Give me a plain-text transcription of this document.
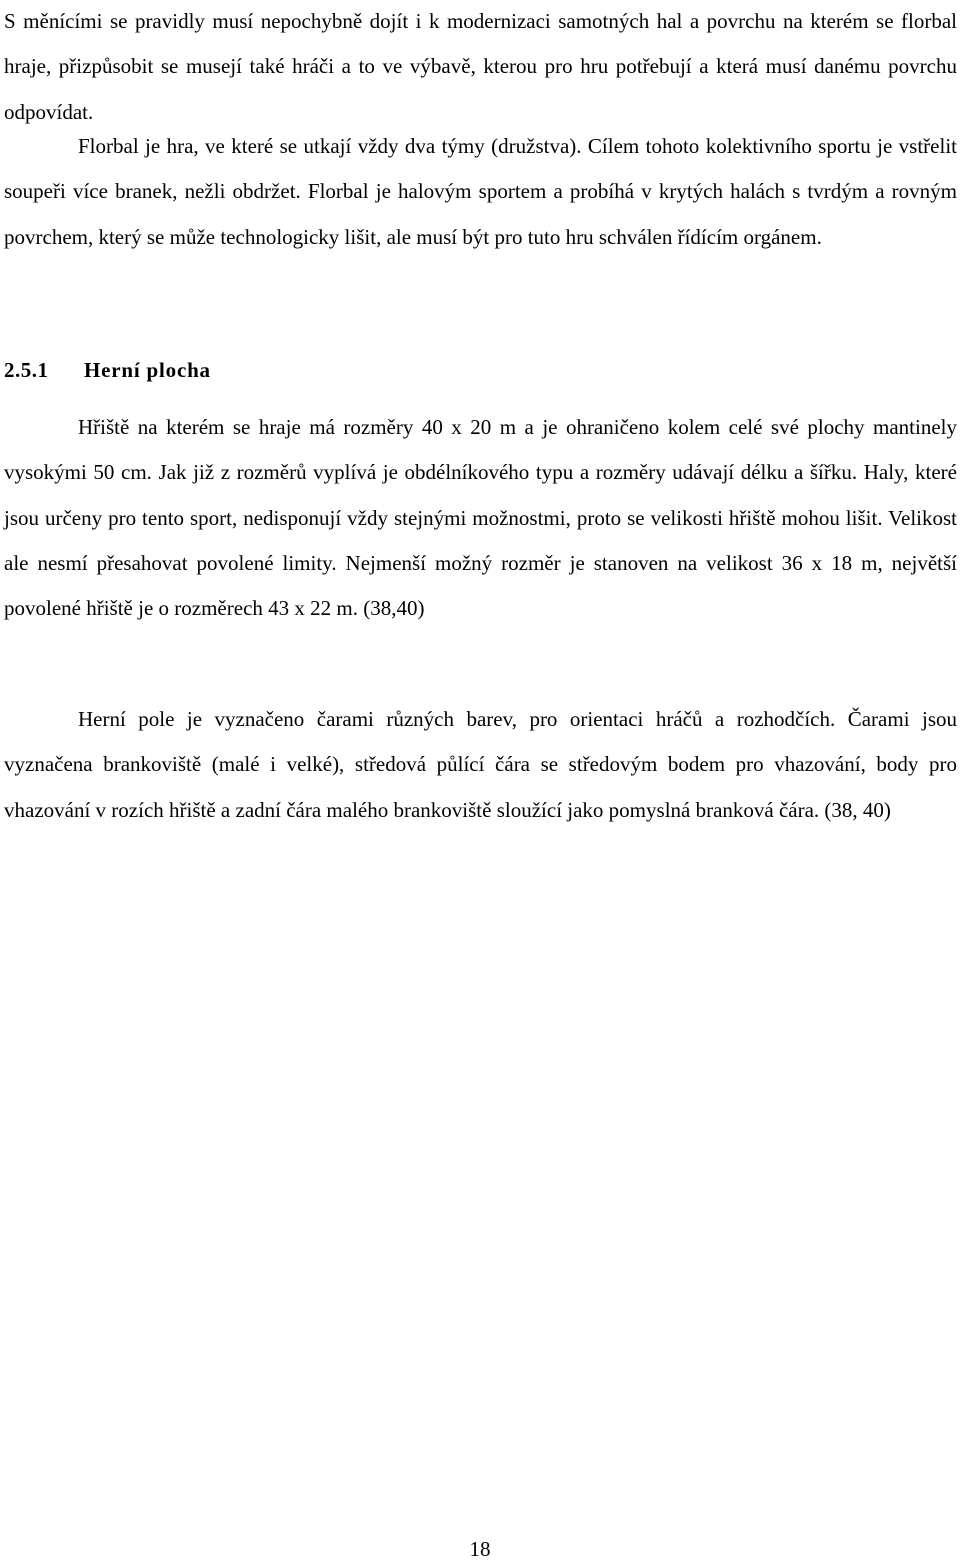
S měnícími se pravidly musí nepochybně dojít i k modernizaci samotných hal a povrchu na kterém se florbal hraje, přizpůsobit se musejí také hráči a to ve výbavě, kterou pro hru potřebují a která musí danému povrchu odpovídat.

Florbal je hra, ve které se utkají vždy dva týmy (družstva). Cílem tohoto kolektivního sportu je vstřelit soupeři více branek, nežli obdržet. Florbal je halovým sportem a probíhá v krytých halách s tvrdým a rovným povrchem, který se může technologicky lišit, ale musí být pro tuto hru schválen řídícím orgánem.

2.5.1 Herní plocha

Hřiště na kterém se hraje má rozměry 40 x 20 m a je ohraničeno kolem celé své plochy mantinely vysokými 50 cm. Jak již z rozměrů vyplívá je obdélníkového typu a rozměry udávají délku a šířku. Haly, které jsou určeny pro tento sport, nedisponují vždy stejnými možnostmi, proto se velikosti hřiště mohou lišit. Velikost ale nesmí přesahovat povolené limity. Nejmenší možný rozměr je stanoven na velikost 36 x 18 m, největší povolené hřiště je o rozměrech 43 x 22 m. (38,40)

Herní pole je vyznačeno čarami různých barev, pro orientaci hráčů a rozhodčích. Čarami jsou vyznačena brankoviště (malé i velké), středová půlící čára se středovým bodem pro vhazování, body pro vhazování v rozích hřiště a zadní čára malého brankoviště sloužící jako pomyslná branková čára. (38, 40)

18
